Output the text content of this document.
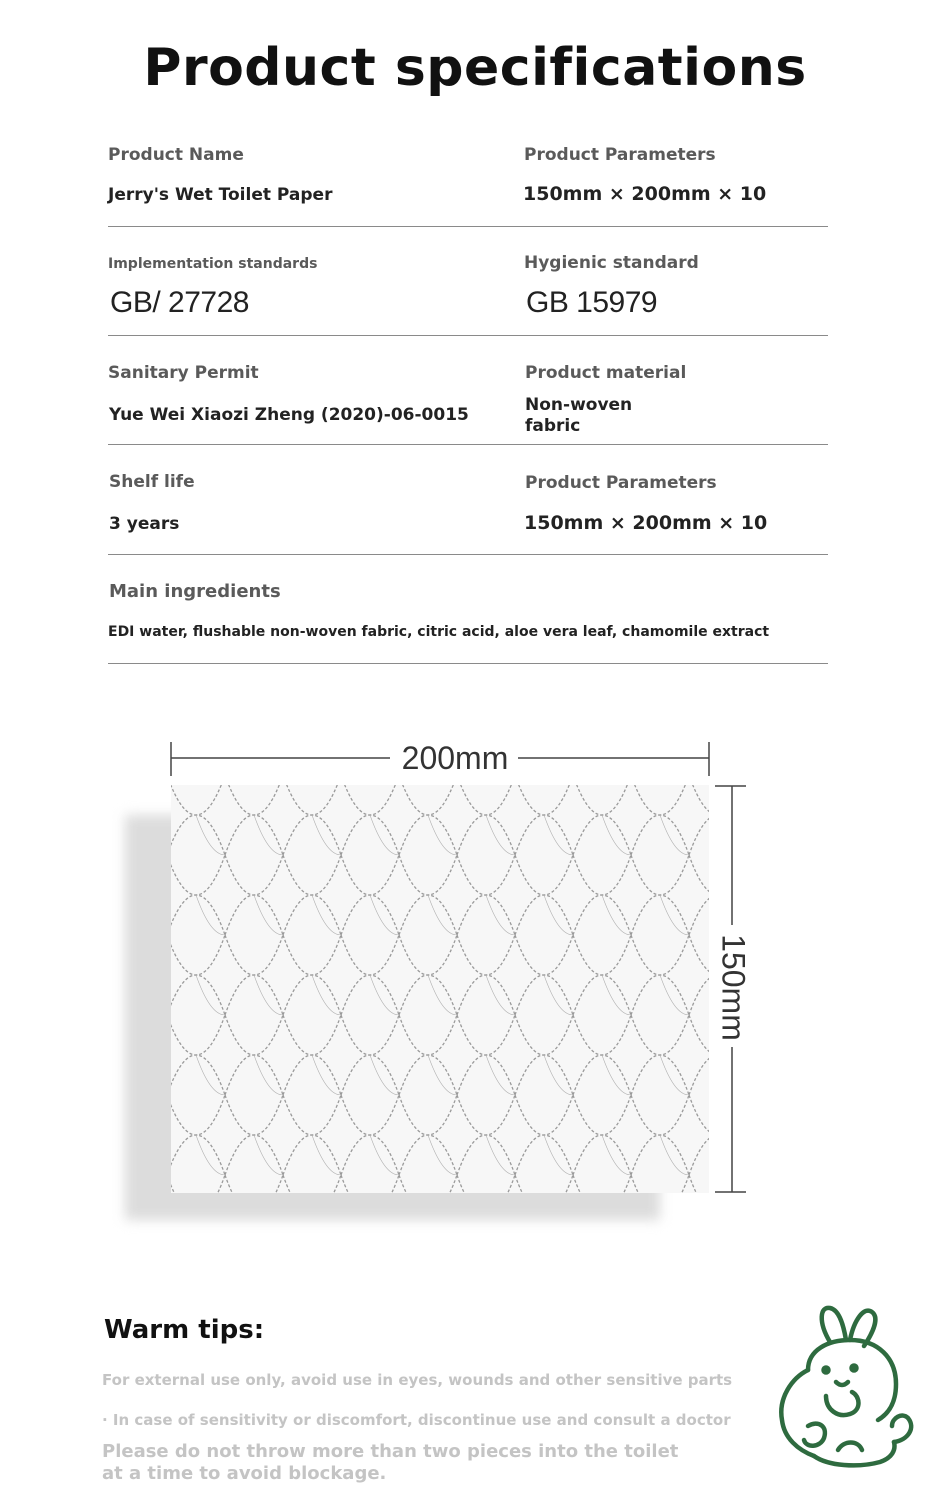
Product specifications
Product Name
Jerry's Wet Toilet Paper
Product Parameters
150mm × 200mm × 10
Implementation standards
GB/ 27728
Hygienic standard
GB 15979
Sanitary Permit
Yue Wei Xiaozi Zheng (2020)-06-0015
Product material
Non-woven fabric
Shelf life
3 years
Product Parameters
150mm × 200mm × 10
Main ingredients
EDI water, flushable non-woven fabric, citric acid, aloe vera leaf, chamomile extract
200mm
150mm
Warm tips:
For external use only, avoid use in eyes, wounds and other sensitive parts
· In case of sensitivity or discomfort, discontinue use and consult a doctor
Please do not throw more than two pieces into the toilet at a time to avoid blockage.
